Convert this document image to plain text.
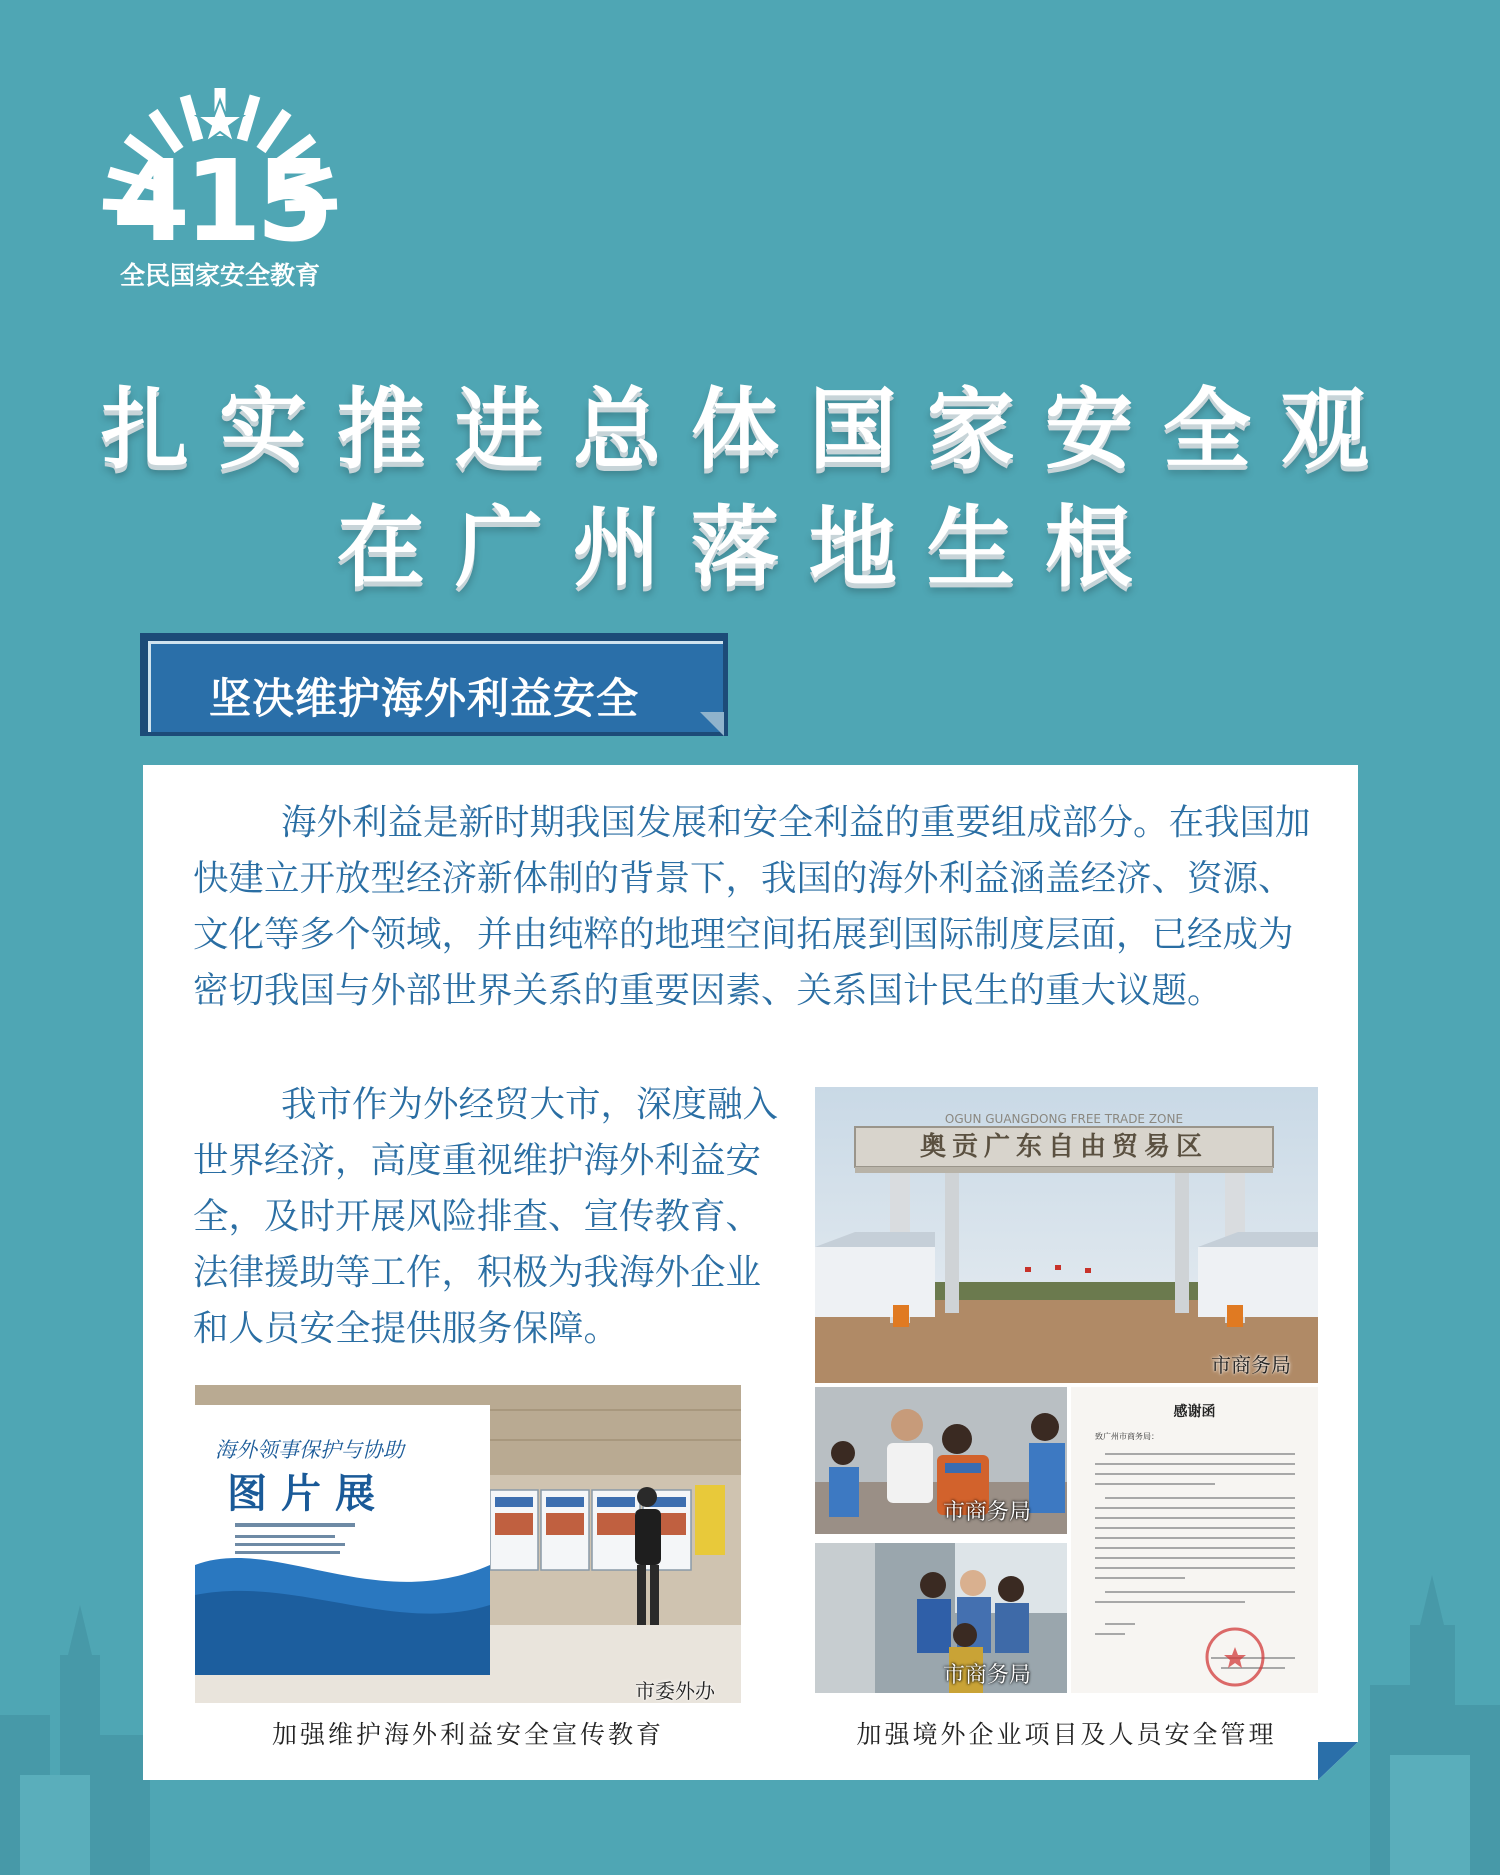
415
全民国家安全教育
扎实推进总体国家安全观
在广州落地生根
坚决维护海外利益安全

海外利益是新时期我国发展和安全利益的重要组成部分。在我国加快建立开放型经济新体制的背景下，我国的海外利益涵盖经济、资源、文化等多个领域，并由纯粹的地理空间拓展到国际制度层面，已经成为密切我国与外部世界关系的重要因素、关系国计民生的重大议题。

我市作为外经贸大市，深度融入世界经济，高度重视维护海外利益安全，及时开展风险排查、宣传教育、法律援助等工作，积极为我海外企业和人员安全提供服务保障。

OGUN GUANGDONG FREE TRADE ZONE
奥贡广东自由贸易区
市商务局
海外领事保护与协助
图片展
市委外办
市商务局
市商务局
感谢函
致广州市商务局：
加强维护海外利益安全宣传教育	加强境外企业项目及人员安全管理
